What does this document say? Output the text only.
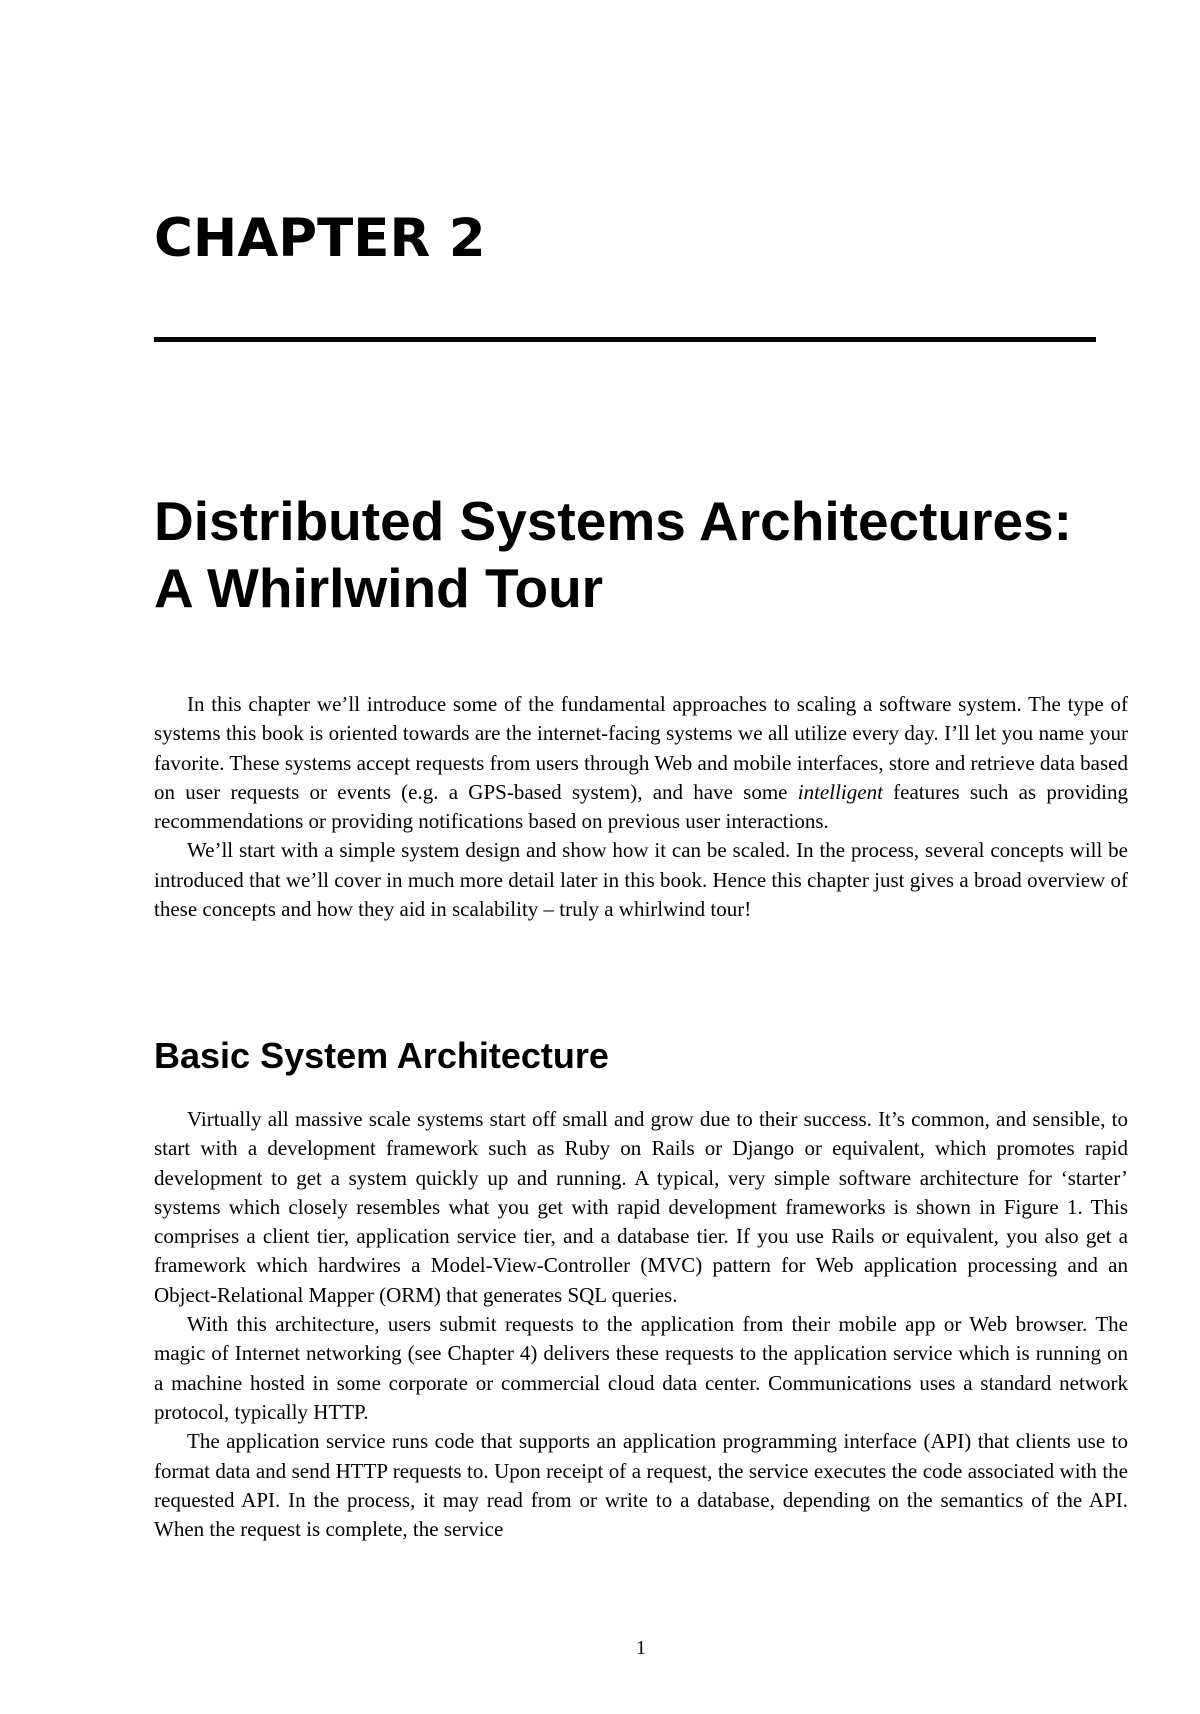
CHAPTER 2
Distributed Systems Architectures:
A Whirlwind Tour

In this chapter we’ll introduce some of the fundamental approaches to scaling a software system. The type of systems this book is oriented towards are the internet-facing systems we all utilize every day. I’ll let you name your favorite. These systems accept requests from users through Web and mobile interfaces, store and retrieve data based on user requests or events (e.g. a GPS-based system), and have some intelligent features such as providing recommendations or providing notifications based on previous user interactions.

We’ll start with a simple system design and show how it can be scaled. In the process, several concepts will be introduced that we’ll cover in much more detail later in this book. Hence this chapter just gives a broad overview of these concepts and how they aid in scalability – truly a whirlwind tour!

Basic System Architecture

Virtually all massive scale systems start off small and grow due to their success. It’s common, and sensible, to start with a development framework such as Ruby on Rails or Django or equivalent, which promotes rapid development to get a system quickly up and running. A typical, very simple software architecture for ‘starter’ systems which closely resembles what you get with rapid development frameworks is shown in Figure 1. This comprises a client tier, application service tier, and a database tier. If you use Rails or equivalent, you also get a framework which hardwires a Model-View-Controller (MVC) pattern for Web application processing and an Object-Relational Mapper (ORM) that generates SQL queries.

With this architecture, users submit requests to the application from their mobile app or Web browser. The magic of Internet networking (see Chapter 4) delivers these requests to the application service which is running on a machine hosted in some corporate or commercial cloud data center. Communications uses a standard network protocol, typically HTTP.

The application service runs code that supports an application programming interface (API) that clients use to format data and send HTTP requests to. Upon receipt of a request, the service executes the code associated with the requested API. In the process, it may read from or write to a database, depending on the semantics of the API. When the request is complete, the service

1
